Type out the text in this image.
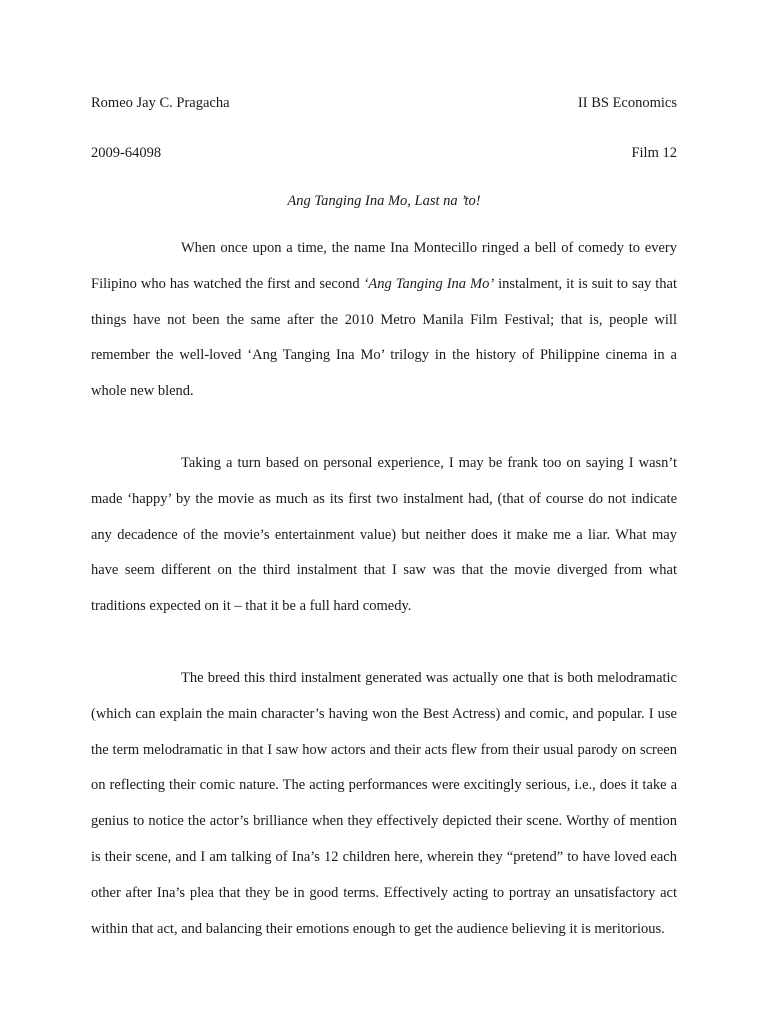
Romeo Jay C. Pragacha	II BS Economics
2009-64098	Film 12
Ang Tanging Ina Mo, Last na ’to!

When once upon a time, the name Ina Montecillo ringed a bell of comedy to every Filipino who has watched the first and second ‘Ang Tanging Ina Mo’ instalment, it is suit to say that things have not been the same after the 2010 Metro Manila Film Festival; that is, people will remember the well-loved ‘Ang Tanging Ina Mo’ trilogy in the history of Philippine cinema in a whole new blend.

Taking a turn based on personal experience, I may be frank too on saying I wasn’t made ‘happy’ by the movie as much as its first two instalment had, (that of course do not indicate any decadence of the movie’s entertainment value) but neither does it make me a liar. What may have seem different on the third instalment that I saw was that the movie diverged from what traditions expected on it – that it be a full hard comedy.

The breed this third instalment generated was actually one that is both melodramatic (which can explain the main character’s having won the Best Actress) and comic, and popular. I use the term melodramatic in that I saw how actors and their acts flew from their usual parody on screen on reflecting their comic nature. The acting performances were excitingly serious, i.e., does it take a genius to notice the actor’s brilliance when they effectively depicted their scene. Worthy of mention is their scene, and I am talking of Ina’s 12 children here, wherein they “pretend” to have loved each other after Ina’s plea that they be in good terms. Effectively acting to portray an unsatisfactory act within that act, and balancing their emotions enough to get the audience believing it is meritorious.
